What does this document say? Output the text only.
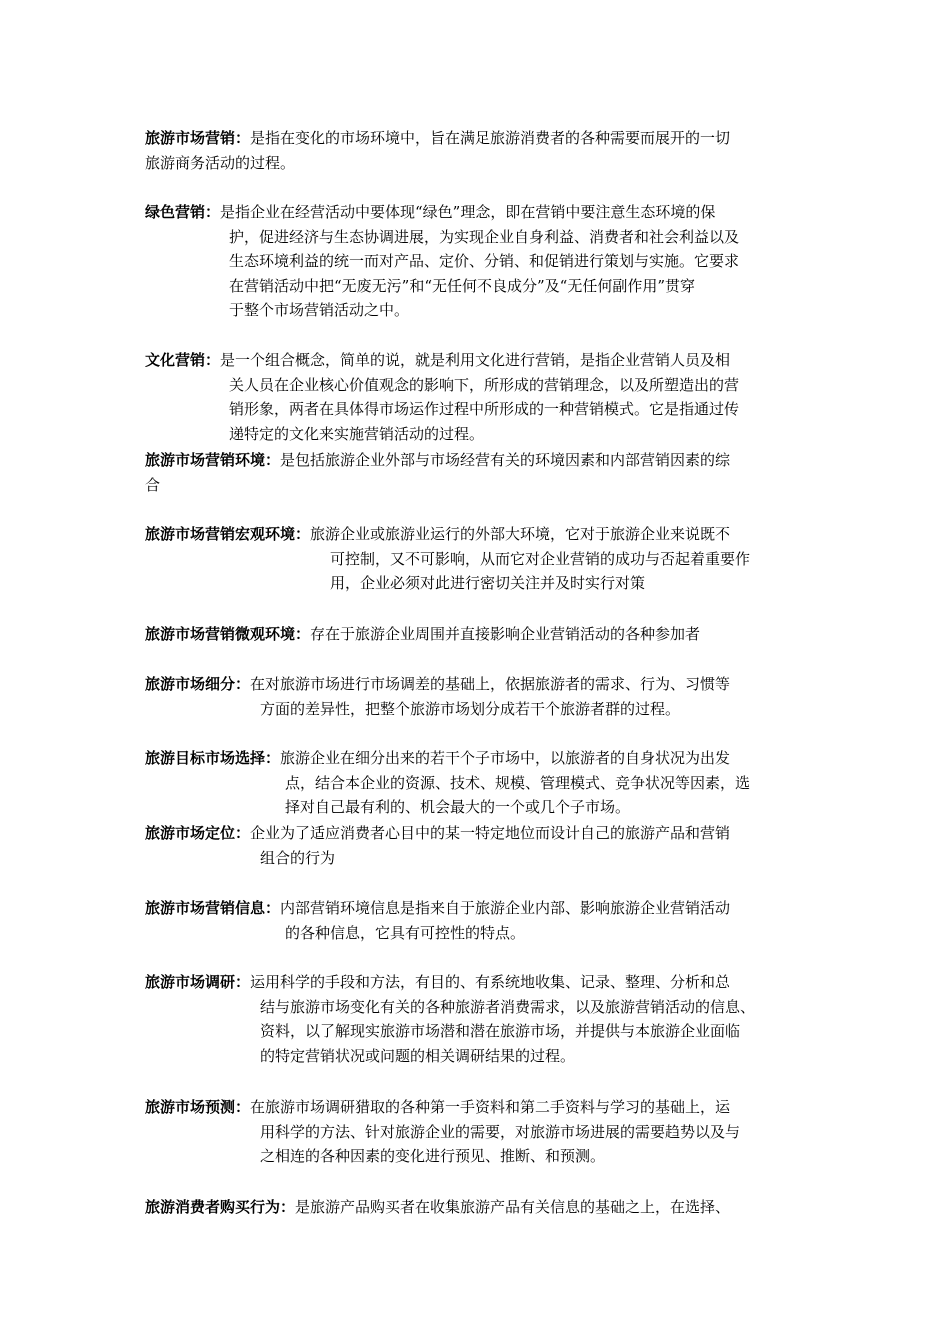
旅游市场营销：是指在变化的市场环境中，旨在满足旅游消费者的各种需要而展开的一切
旅游商务活动的过程。
绿色营销：是指企业在经营活动中要体现“绿色”理念，即在营销中要注意生态环境的保
护，促进经济与生态协调进展，为实现企业自身利益、消费者和社会利益以及
生态环境利益的统一而对产品、定价、分销、和促销进行策划与实施。它要求
在营销活动中把“无废无污”和“无任何不良成分”及“无任何副作用”贯穿
于整个市场营销活动之中。
文化营销：是一个组合概念，简单的说，就是利用文化进行营销，是指企业营销人员及相
关人员在企业核心价值观念的影响下，所形成的营销理念，以及所塑造出的营
销形象，两者在具体得市场运作过程中所形成的一种营销模式。它是指通过传
递特定的文化来实施营销活动的过程。
旅游市场营销环境：是包括旅游企业外部与市场经营有关的环境因素和内部营销因素的综
合
旅游市场营销宏观环境：旅游企业或旅游业运行的外部大环境，它对于旅游企业来说既不
可控制，又不可影响，从而它对企业营销的成功与否起着重要作
用，企业必须对此进行密切关注并及时实行对策
旅游市场营销微观环境：存在于旅游企业周围并直接影响企业营销活动的各种参加者
旅游市场细分：在对旅游市场进行市场调差的基础上，依据旅游者的需求、行为、习惯等
方面的差异性，把整个旅游市场划分成若干个旅游者群的过程。
旅游目标市场选择：旅游企业在细分出来的若干个子市场中，以旅游者的自身状况为出发
点，结合本企业的资源、技术、规模、管理模式、竞争状况等因素，选
择对自己最有利的、机会最大的一个或几个子市场。
旅游市场定位：企业为了适应消费者心目中的某一特定地位而设计自己的旅游产品和营销
组合的行为
旅游市场营销信息：内部营销环境信息是指来自于旅游企业内部、影响旅游企业营销活动
的各种信息，它具有可控性的特点。
旅游市场调研：运用科学的手段和方法，有目的、有系统地收集、记录、整理、分析和总
结与旅游市场变化有关的各种旅游者消费需求，以及旅游营销活动的信息、
资料，以了解现实旅游市场潜和潜在旅游市场，并提供与本旅游企业面临
的特定营销状况或问题的相关调研结果的过程。
旅游市场预测：在旅游市场调研猎取的各种第一手资料和第二手资料与学习的基础上，运
用科学的方法、针对旅游企业的需要，对旅游市场进展的需要趋势以及与
之相连的各种因素的变化进行预见、推断、和预测。
旅游消费者购买行为：是旅游产品购买者在收集旅游产品有关信息的基础之上，在选择、
